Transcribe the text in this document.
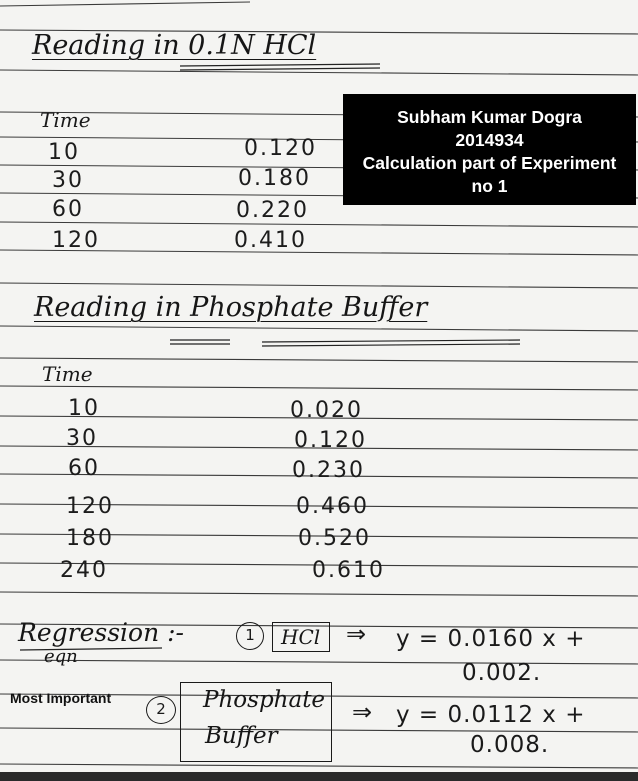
Subham Kumar Dogra
2014934
Calculation part of Experiment
no 1
Reading in 0.1N HCl
Time
10	0.120
30	0.180
60	0.220
120	0.410
Reading in Phosphate Buffer
Time
10	0.020
30	0.120
60	0.230
120	0.460
180	0.520
240	0.610
Regression :-
eqn
1	HCl ⇒ y = 0.0160 x +
0.002.
Most Important
2	Phosphate
Buffer
⇒ y = 0.0112 x +
0.008.
